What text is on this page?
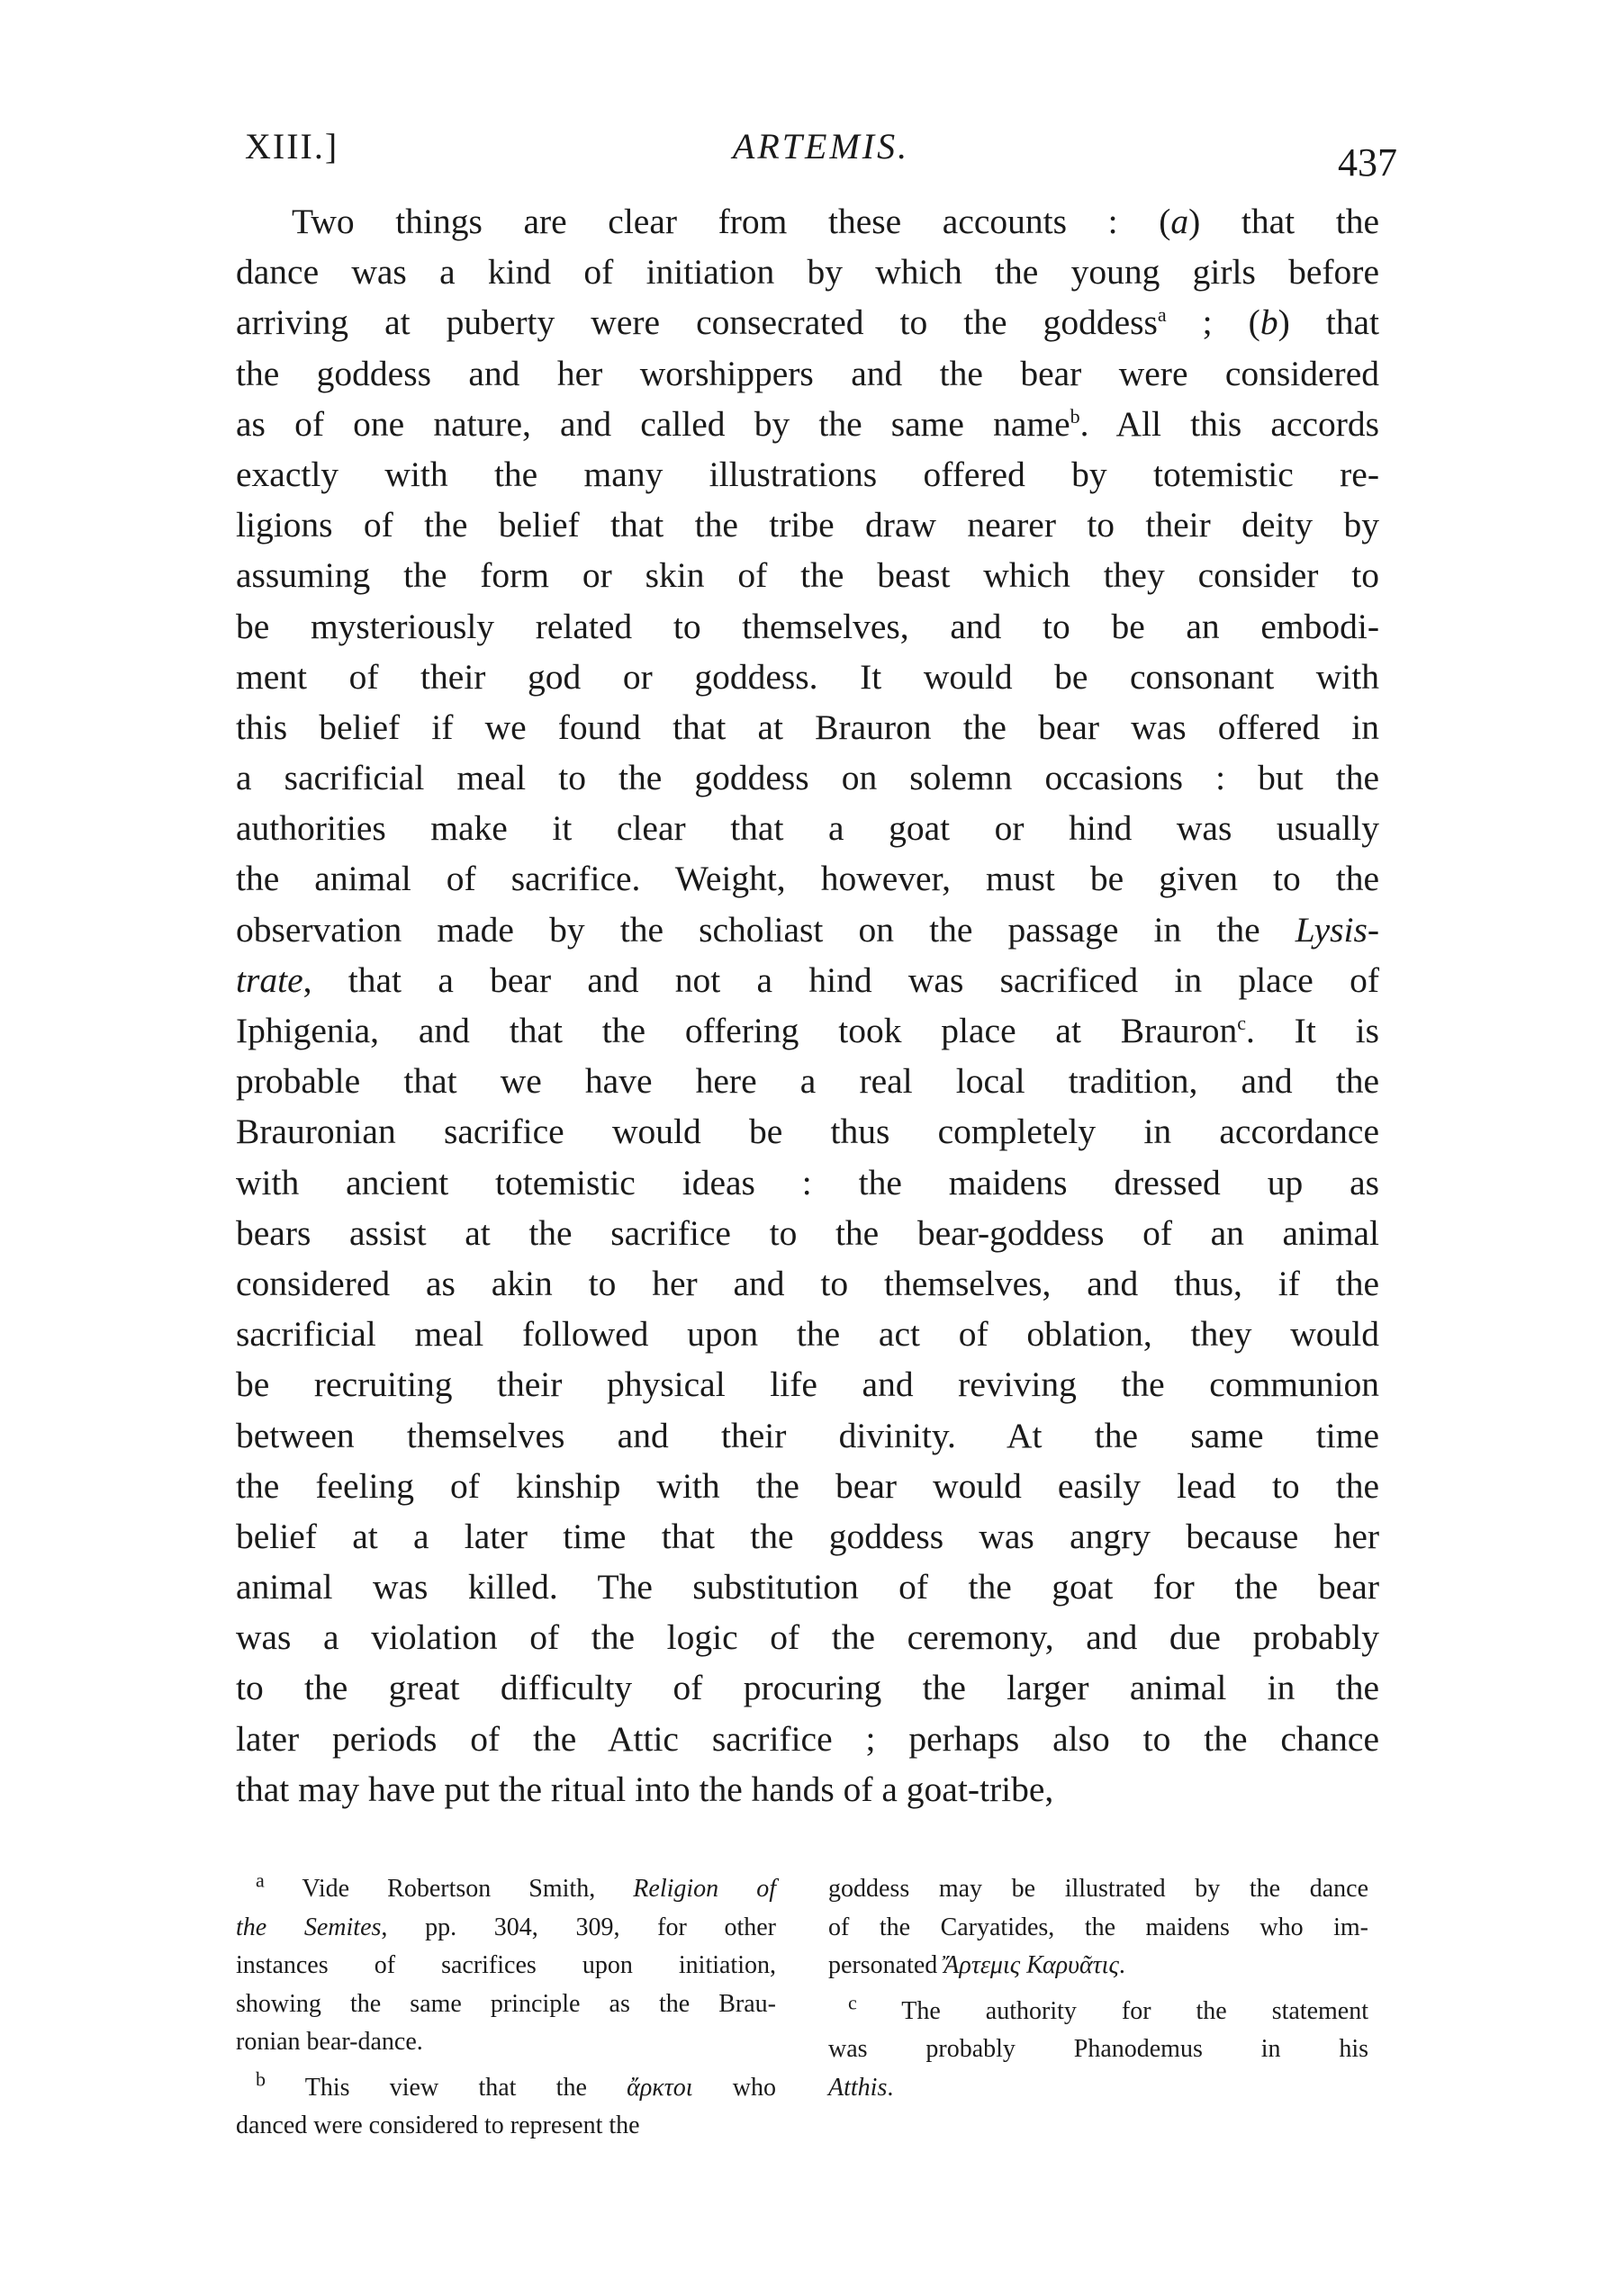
XIII.]	ARTEMIS.	437
Two things are clear from these accounts : (a) that the
dance was a kind of initiation by which the young girls before
arriving at puberty were consecrated to the goddess$^a$ ; (b) that
the goddess and her worshippers and the bear were considered
as of one nature, and called by the same name$^b$. All this accords
exactly with the many illustrations offered by totemistic re-
ligions of the belief that the tribe draw nearer to their deity by
assuming the form or skin of the beast which they consider to
be mysteriously related to themselves, and to be an embodi-
ment of their god or goddess. It would be consonant with
this belief if we found that at Brauron the bear was offered in
a sacrificial meal to the goddess on solemn occasions : but the
authorities make it clear that a goat or hind was usually
the animal of sacrifice. Weight, however, must be given to the
observation made by the scholiast on the passage in the Lysis-
trate, that a bear and not a hind was sacrificed in place of
Iphigenia, and that the offering took place at Brauron$^c$. It is
probable that we have here a real local tradition, and the
Brauronian sacrifice would be thus completely in accordance
with ancient totemistic ideas : the maidens dressed up as
bears assist at the sacrifice to the bear-goddess of an animal
considered as akin to her and to themselves, and thus, if the
sacrificial meal followed upon the act of oblation, they would
be recruiting their physical life and reviving the communion
between themselves and their divinity. At the same time
the feeling of kinship with the bear would easily lead to the
belief at a later time that the goddess was angry because her
animal was killed. The substitution of the goat for the bear
was a violation of the logic of the ceremony, and due probably
to the great difficulty of procuring the larger animal in the
later periods of the Attic sacrifice ; perhaps also to the chance
that may have put the ritual into the hands of a goat-tribe,
$^a$ Vide Robertson Smith, Religion of
the Semites, pp. 304, 309, for other
instances of sacrifices upon initiation,
showing the same principle as the Brau-
ronian bear-dance.
$^b$ This view that the ἄρκτοι who
danced were considered to represent the
goddess may be illustrated by the dance
of the Caryatides, the maidens who im-
personated Ἄρτεμις Καρυᾶτις.
$^c$ The authority for the statement
was probably Phanodemus in his
Atthis.
